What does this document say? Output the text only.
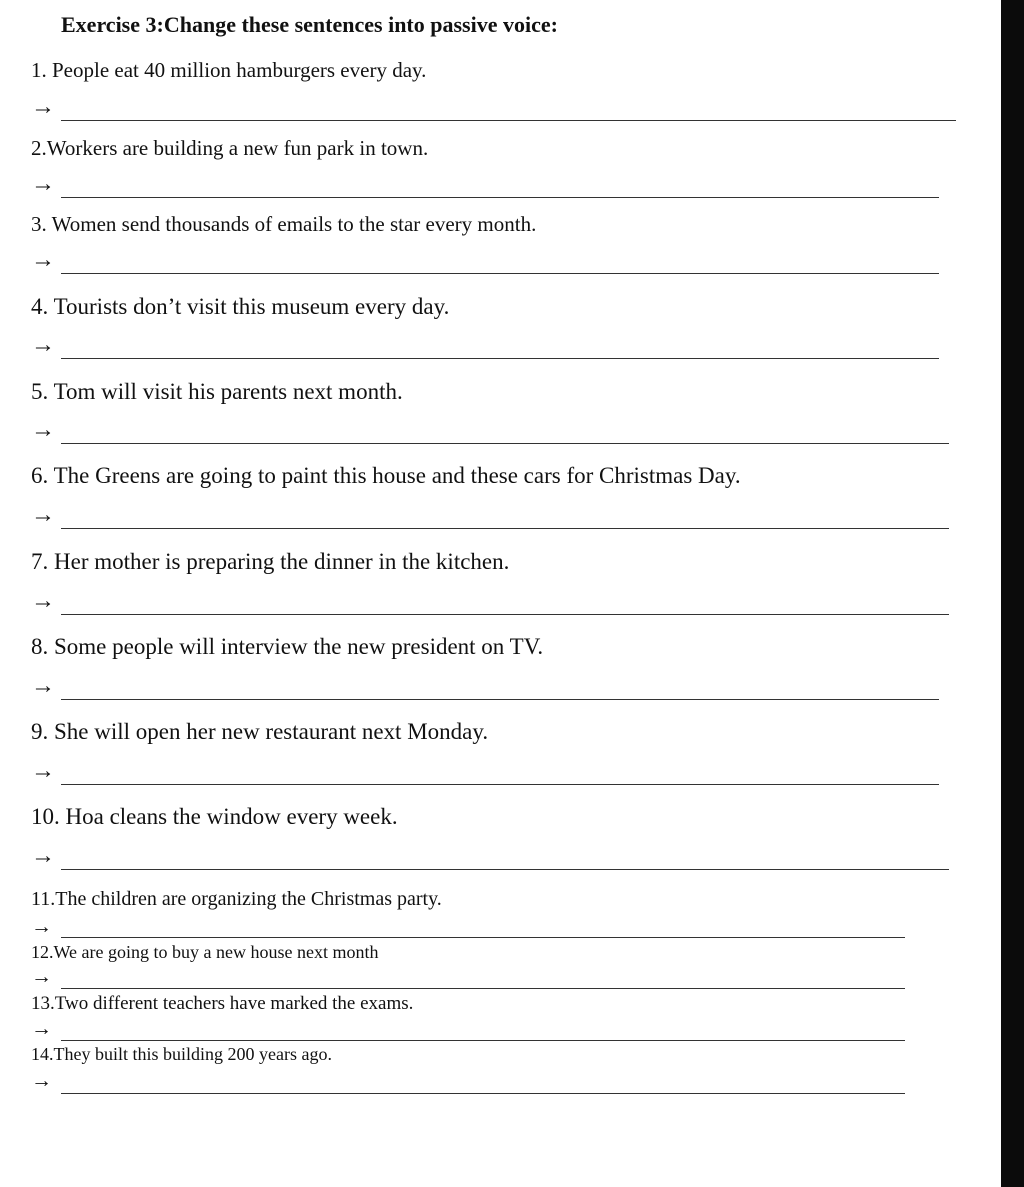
Exercise 3:Change these sentences into passive voice:
1. People eat 40 million hamburgers every day.
→
2.Workers are building a new fun park in town.
→
3. Women send thousands of emails to the star every month.
→
4. Tourists don’t visit this museum every day.
→
5. Tom will visit his parents next month.
→
6. The Greens are going to paint this house and these cars for Christmas Day.
→
7. Her mother is preparing the dinner in the kitchen.
→
8. Some people will interview the new president on TV.
→
9. She will open her new restaurant next Monday.
→
10. Hoa cleans the window every week.
→
11.The children are organizing the Christmas party.
→
12.We are going to buy a new house next month
→
13.Two different teachers have marked the exams.
→
14.They built this building 200 years ago.
→
